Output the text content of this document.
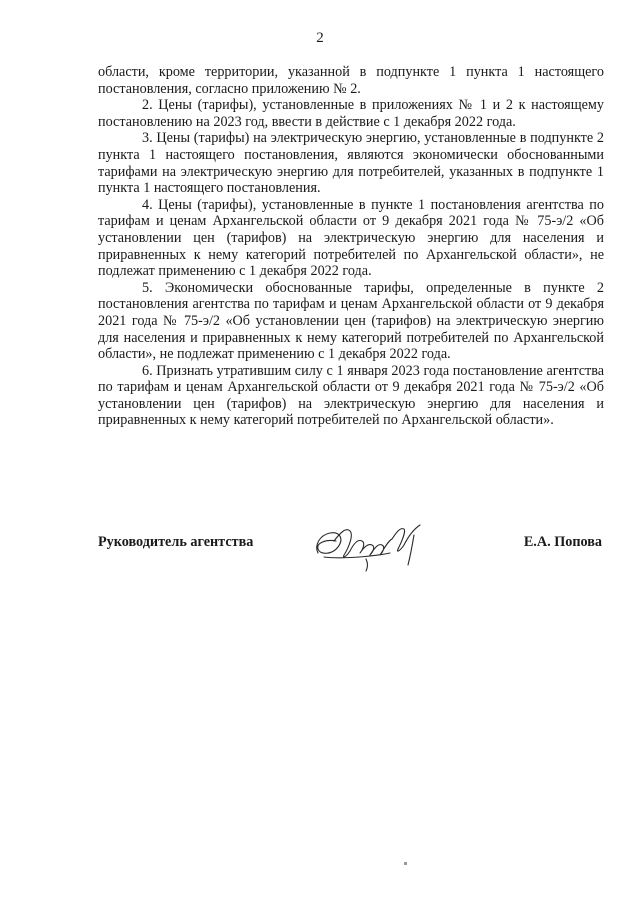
2

области, кроме территории, указанной в подпункте 1 пункта 1 настоящего постановления, согласно приложению № 2.

2. Цены (тарифы), установленные в приложениях № 1 и 2 к настоящему постановлению на 2023 год, ввести в действие с 1 декабря 2022 года.

3. Цены (тарифы) на электрическую энергию, установленные в подпункте 2 пункта 1 настоящего постановления, являются экономически обоснованными тарифами на электрическую энергию для потребителей, указанных в подпункте 1 пункта 1 настоящего постановления.

4. Цены (тарифы), установленные в пункте 1 постановления агентства по тарифам и ценам Архангельской области от 9 декабря 2021 года № 75-э/2 «Об установлении цен (тарифов) на электрическую энергию для населения и приравненных к нему категорий потребителей по Архангельской области», не подлежат применению с 1 декабря 2022 года.

5. Экономически обоснованные тарифы, определенные в пункте 2 постановления агентства по тарифам и ценам Архангельской области от 9 декабря 2021 года № 75-э/2 «Об установлении цен (тарифов) на электрическую энергию для населения и приравненных к нему категорий потребителей по Архангельской области», не подлежат применению с 1 декабря 2022 года.

6. Признать утратившим силу с 1 января 2023 года постановление агентства по тарифам и ценам Архангельской области от 9 декабря 2021 года № 75-э/2 «Об установлении цен (тарифов) на электрическую энергию для населения и приравненных к нему категорий потребителей по Архангельской области».

Руководитель агентства	Е.А. Попова
